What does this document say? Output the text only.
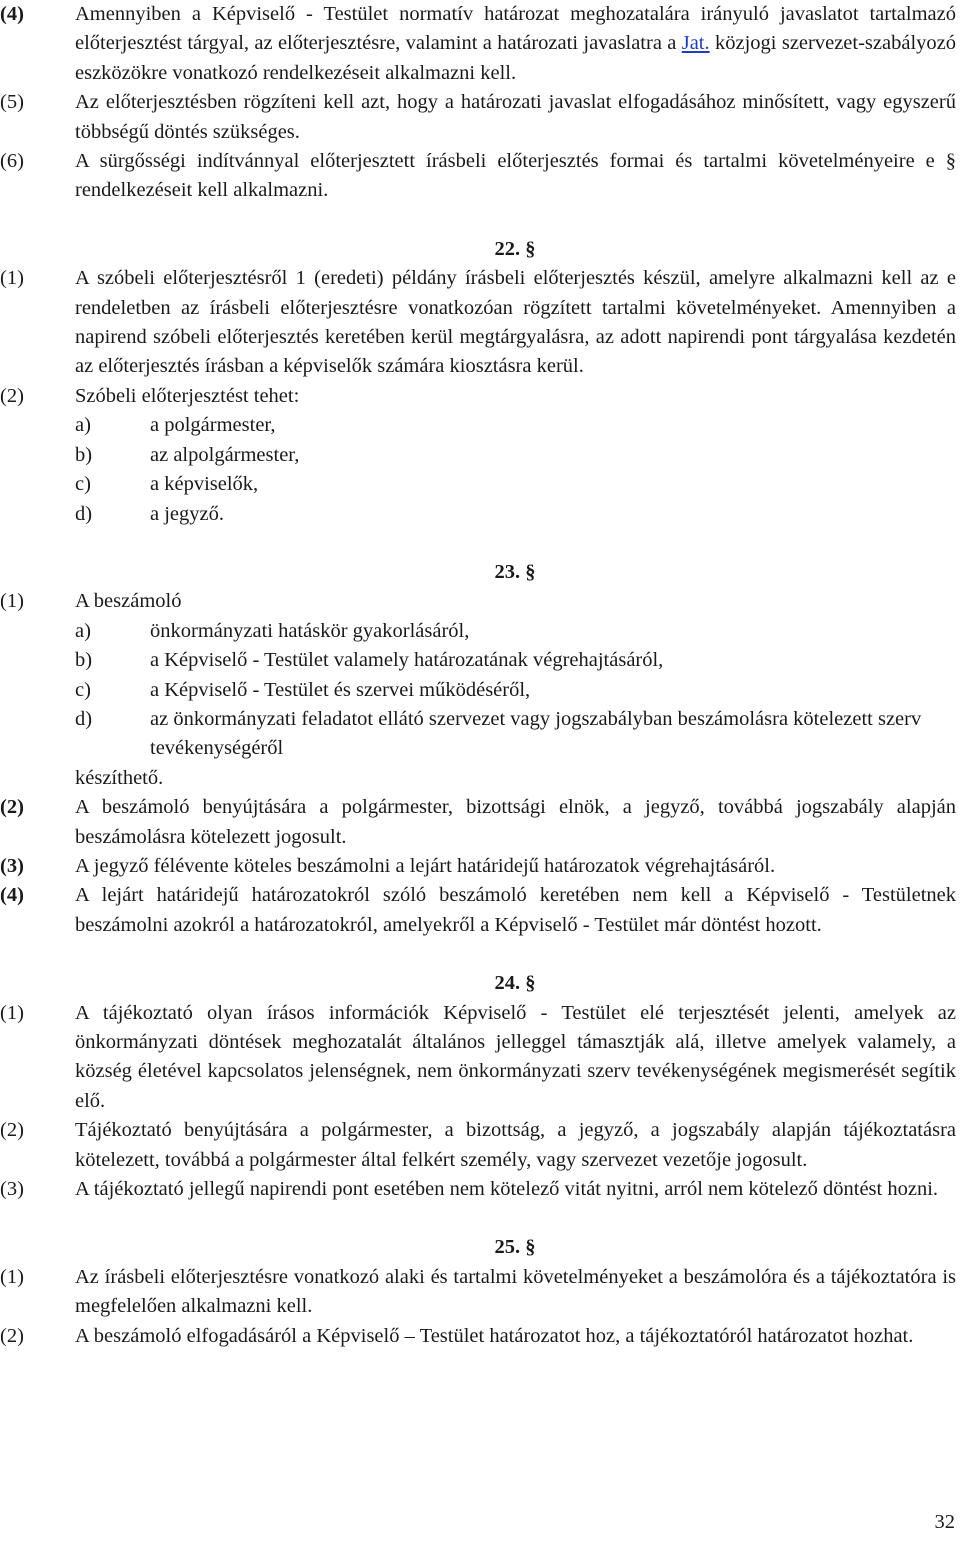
(4)	Amennyiben a Képviselő - Testület normatív határozat meghozatalára irányuló javaslatot tartalmazó előterjesztést tárgyal, az előterjesztésre, valamint a határozati javaslatra a Jat. közjogi szervezet-szabályozó eszközökre vonatkozó rendelkezéseit alkalmazni kell.
(5)	Az előterjesztésben rögzíteni kell azt, hogy a határozati javaslat elfogadásához minősített, vagy egyszerű többségű döntés szükséges.
(6)	A sürgősségi indítvánnyal előterjesztett írásbeli előterjesztés formai és tartalmi követelményeire e § rendelkezéseit kell alkalmazni.
22. §
(1)	A szóbeli előterjesztésről 1 (eredeti) példány írásbeli előterjesztés készül, amelyre alkalmazni kell az e rendeletben az írásbeli előterjesztésre vonatkozóan rögzített tartalmi követelményeket. Amennyiben a napirend szóbeli előterjesztés keretében kerül megtárgyalásra, az adott napirendi pont tárgyalása kezdetén az előterjesztés írásban a képviselők számára kiosztásra kerül.
(2)	Szóbeli előterjesztést tehet:
a)	a polgármester,
b)	az alpolgármester,
c)	a képviselők,
d)	a jegyző.
23. §
(1)	A beszámoló
a)	önkormányzati hatáskör gyakorlásáról,
b)	a Képviselő - Testület valamely határozatának végrehajtásáról,
c)	a Képviselő - Testület és szervei működéséről,
d)	az önkormányzati feladatot ellátó szervezet vagy jogszabályban beszámolásra kötelezett szerv tevékenységéről
készíthető.
(2)	A beszámoló benyújtására a polgármester, bizottsági elnök, a jegyző, továbbá jogszabály alapján beszámolásra kötelezett jogosult.
(3)	A jegyző félévente köteles beszámolni a lejárt határidejű határozatok végrehajtásáról.
(4)	A lejárt határidejű határozatokról szóló beszámoló keretében nem kell a Képviselő - Testületnek beszámolni azokról a határozatokról, amelyekről a Képviselő - Testület már döntést hozott.
24. §
(1)	A tájékoztató olyan írásos információk Képviselő - Testület elé terjesztését jelenti, amelyek az önkormányzati döntések meghozatalát általános jelleggel támasztják alá, illetve amelyek valamely, a község életével kapcsolatos jelenségnek, nem önkormányzati szerv tevékenységének megismerését segítik elő.
(2)	Tájékoztató benyújtására a polgármester, a bizottság, a jegyző, a jogszabály alapján tájékoztatásra kötelezett, továbbá a polgármester által felkért személy, vagy szervezet vezetője jogosult.
(3)	A tájékoztató jellegű napirendi pont esetében nem kötelező vitát nyitni, arról nem kötelező döntést hozni.
25. §
(1)	Az írásbeli előterjesztésre vonatkozó alaki és tartalmi követelményeket a beszámolóra és a tájékoztatóra is megfelelően alkalmazni kell.
(2)	A beszámoló elfogadásáról a Képviselő – Testület határozatot hoz, a tájékoztatóról határozatot hozhat.
32
